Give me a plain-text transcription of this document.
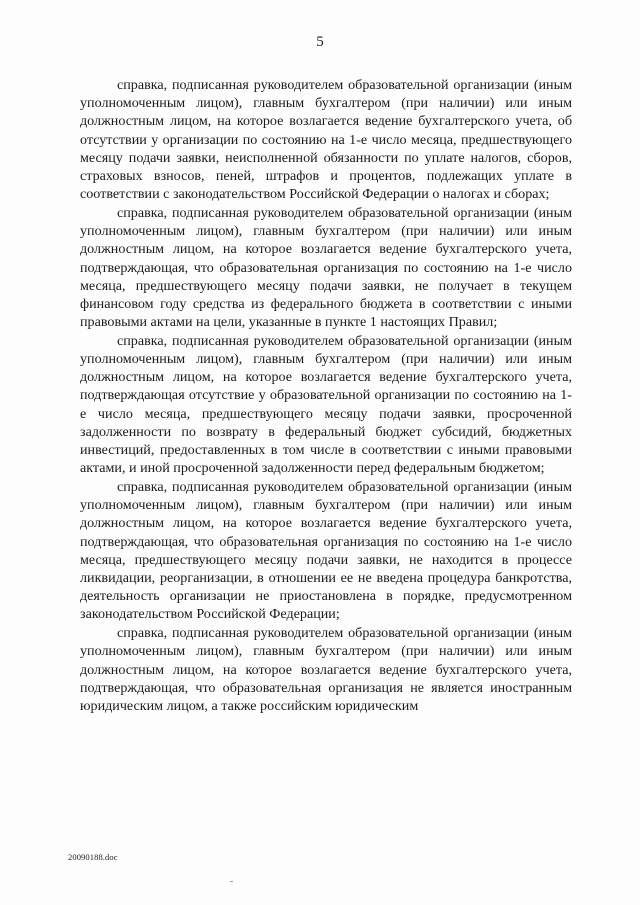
5

справка, подписанная руководителем образовательной организации (иным уполномоченным лицом), главным бухгалтером (при наличии) или иным должностным лицом, на которое возлагается ведение бухгалтерского учета, об отсутствии у организации по состоянию на 1-е число месяца, предшествующего месяцу подачи заявки, неисполненной обязанности по уплате налогов, сборов, страховых взносов, пеней, штрафов и процентов, подлежащих уплате в соответствии с законодательством Российской Федерации о налогах и сборах;

справка, подписанная руководителем образовательной организации (иным уполномоченным лицом), главным бухгалтером (при наличии) или иным должностным лицом, на которое возлагается ведение бухгалтерского учета, подтверждающая, что образовательная организация по состоянию на 1-е число месяца, предшествующего месяцу подачи заявки, не получает в текущем финансовом году средства из федерального бюджета в соответствии с иными правовыми актами на цели, указанные в пункте 1 настоящих Правил;

справка, подписанная руководителем образовательной организации (иным уполномоченным лицом), главным бухгалтером (при наличии) или иным должностным лицом, на которое возлагается ведение бухгалтерского учета, подтверждающая отсутствие у образовательной организации по состоянию на 1-е число месяца, предшествующего месяцу подачи заявки, просроченной задолженности по возврату в федеральный бюджет субсидий, бюджетных инвестиций, предоставленных в том числе в соответствии с иными правовыми актами, и иной просроченной задолженности перед федеральным бюджетом;

справка, подписанная руководителем образовательной организации (иным уполномоченным лицом), главным бухгалтером (при наличии) или иным должностным лицом, на которое возлагается ведение бухгалтерского учета, подтверждающая, что образовательная организация по состоянию на 1-е число месяца, предшествующего месяцу подачи заявки, не находится в процессе ликвидации, реорганизации, в отношении ее не введена процедура банкротства, деятельность организации не приостановлена в порядке, предусмотренном законодательством Российской Федерации;

справка, подписанная руководителем образовательной организации (иным уполномоченным лицом), главным бухгалтером (при наличии) или иным должностным лицом, на которое возлагается ведение бухгалтерского учета, подтверждающая, что образовательная организация не является иностранным юридическим лицом, а также российским юридическим

20090188.doc
